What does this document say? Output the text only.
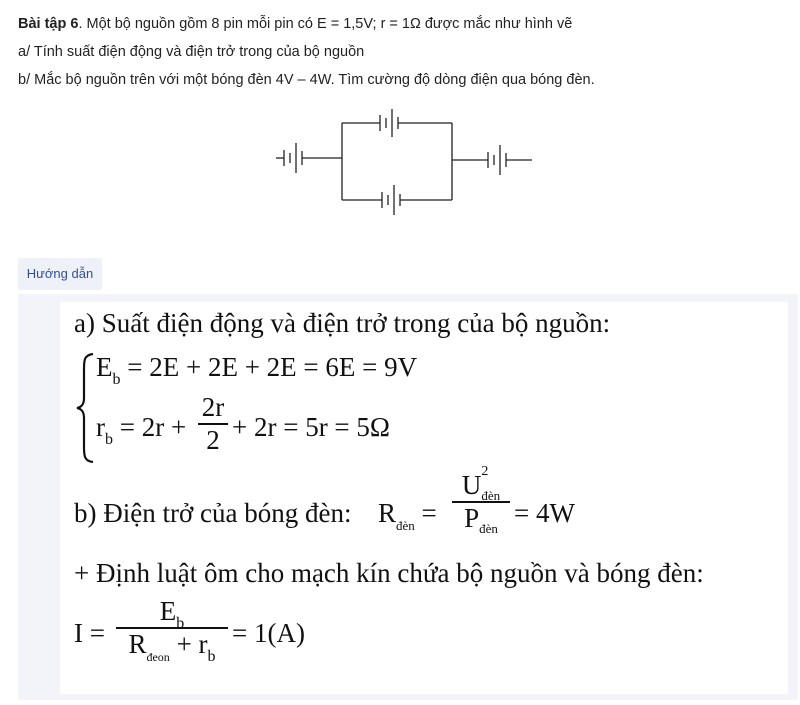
Bài tập 6. Một bộ nguồn gồm 8 pin mỗi pin có E = 1,5V; r = 1Ω được mắc như hình vẽ
a/ Tính suất điện động và điện trở trong của bộ nguồn
b/ Mắc bộ nguồn trên với một bóng đèn 4V – 4W. Tìm cường độ dòng điện qua bóng đèn.
Hướng dẫn
a) Suất điện động và điện trở trong của bộ nguồn:
$E_b = 2E + 2E + 2E = 6E = 9V$
$r_b = 2r$ +
2r
2 + 2r = 5r = 5Ω
b) Điện trở của bóng đèn: $R_{đèn}$ =
U 2
$_{đèn}$
$P_{đèn}$
= 4W
+ Định luật ôm cho mạch kín chứa bộ nguồn và bóng đèn:
I =
$E_b$
$R_{đeon} + r_b$
= 1(A)
